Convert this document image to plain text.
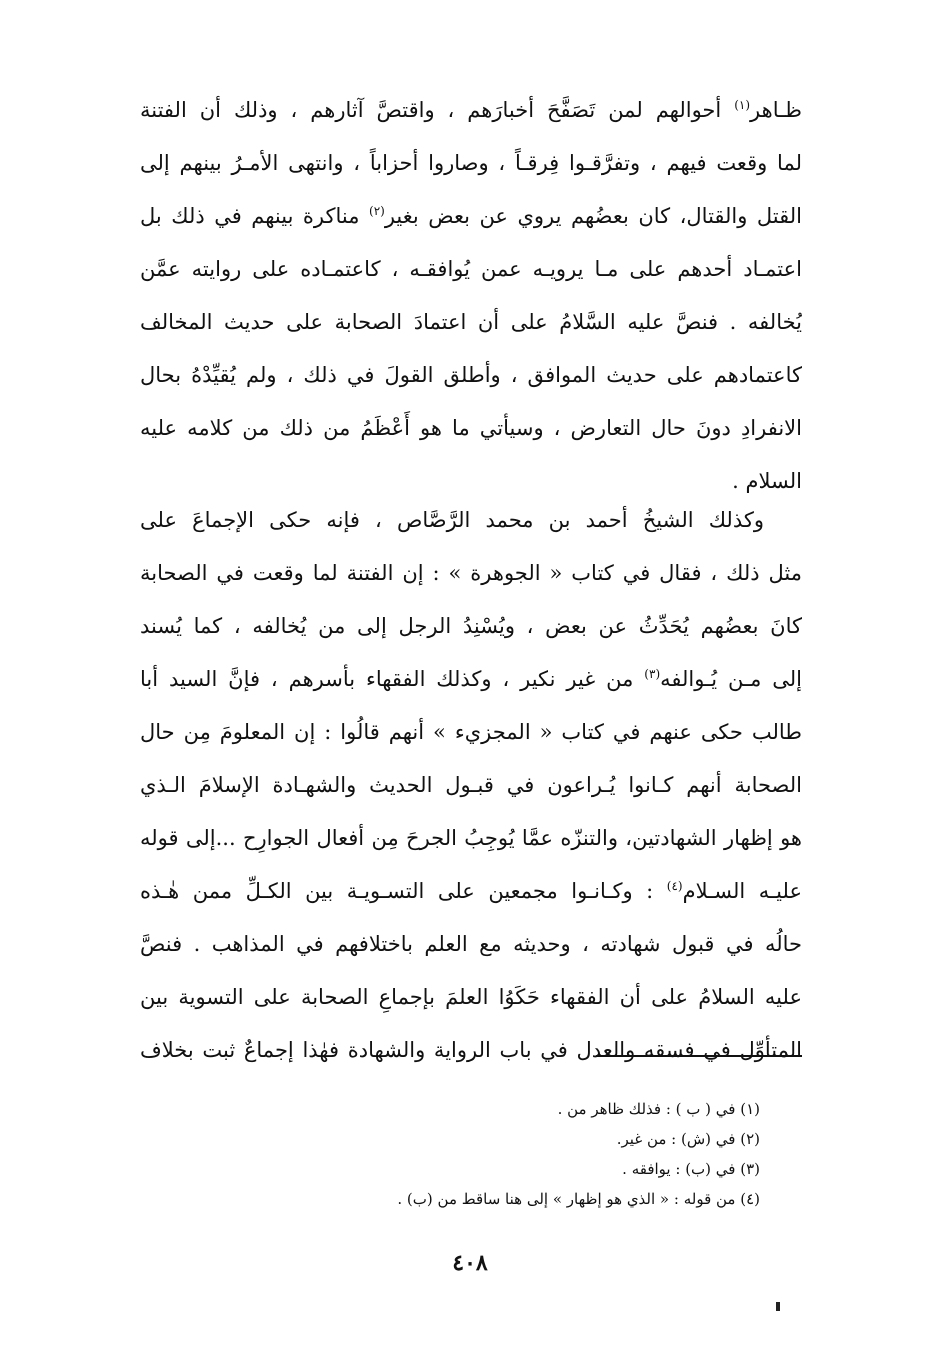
ظـاهر$^{(١)}$ أحوالهم لمن تَصَفَّحَ أخبارَهم ، واقتصَّ آثارهم ، وذلك أن الفتنة
لما وقعت فيهم ، وتفرَّقـوا فِرقـاً ، وصاروا أحزاباً ، وانتهى الأمـرُ بينهم إلى
القتل والقتال، كان بعضُهم يروي عن بعض بغير$^{(٢)}$ مناكرة بينهم في ذلك بل
اعتمـاد أحدهم على مـا يرويـه عمن يُوافقـه ، كاعتمـاده على روايته عمَّن
يُخالفه . فنصَّ عليه السَّلامُ على أن اعتمادَ الصحابة على حديث المخالف
كاعتمادهم على حديث الموافق ، وأطلق القولَ في ذلك ، ولم يُقيِّدْهُ بحال
الانفرادِ دونَ حال التعارض ، وسيأتي ما هو أَعْظَمُ من ذلك من كلامه عليه
السلام .
وكذلك الشيخُ أحمد بن محمد الرَّصَّاص ، فإنه حكى الإجماعَ على
مثل ذلك ، فقال في كتاب « الجوهرة » : إن الفتنة لما وقعت في الصحابة
كانَ بعضُهم يُحَدِّثُ عن بعض ، ويُسْنِدُ الرجل إلى من يُخالفه ، كما يُسند
إلى مـن يُـوالفه$^{(٣)}$ من غير نكير ، وكذلك الفقهاء بأسرهم ، فإنَّ السيد أبا
طالب حكى عنهم في كتاب « المجزيء » أنهم قالُوا : إن المعلومَ مِن حال
الصحابة أنهم كـانوا يُـراعون في قبـول الحديث والشهـادة الإسلامَ الـذي
هو إظهار الشهادتين، والتنزّه عمَّا يُوجِبُ الجرحَ مِن أفعال الجوارِح ...إلى قوله
عليـه السـلام$^{(٤)}$ : وكـانـوا مجمعين على التسـويـة بين الكـلِّ ممن هٰـذه
حالُه في قبول شهادته ، وحديثه مع العلم باختلافهم في المذاهب . فنصَّ
عليه السلامُ على أن الفقهاء حَكَوُا العلمَ بإجماعِ الصحابة على التسوية بين
المتأوِّل في فسقه والعدل في باب الرواية والشهادة فهٰذا إجماعٌ ثبت بخلاف
(١) في ( ب ) : فذلك ظاهر من .
(٢) في (ش) : من غير.
(٣) في (ب) : يوافقه .
(٤) من قوله : « الذي هو إظهار » إلى هنا ساقط من (ب) .
٤٠٨
